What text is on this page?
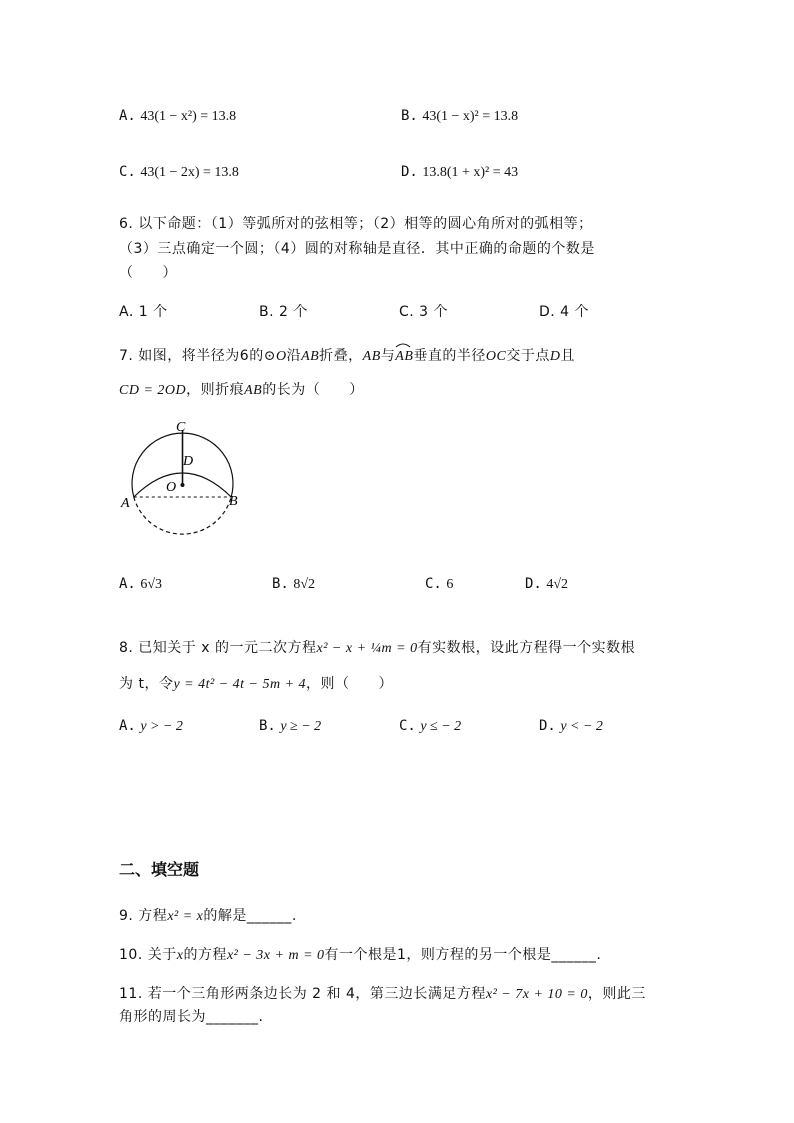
A. 43(1 − x²) = 13.8	B. 43(1 − x)² = 13.8
C. 43(1 − 2x) = 13.8	D. 13.8(1 + x)² = 43
6. 以下命题：（1）等弧所对的弦相等；（2）相等的圆心角所对的弧相等；
（3）三点确定一个圆；（4）圆的对称轴是直径．其中正确的命题的个数是
（　　）
A. 1 个	B. 2 个	C. 3 个	D. 4 个
7. 如图，将半径为6的⊙O沿AB折叠，AB与AB垂直的半径OC交于点D且
CD = 2OD，则折痕AB的长为（　　）
C
D
O
A	B
A. 6√3	B. 8√2	C. 6	D. 4√2
8. 已知关于 x 的一元二次方程x² − x + ¼m = 0有实数根，设此方程得一个实数根
为 t，令y = 4t² − 4t − 5m + 4，则（　　）
A. y > − 2	B. y ≥ − 2	C. y ≤ − 2	D. y < − 2
二、填空题
9. 方程x² = x的解是______.
10. 关于x的方程x² − 3x + m = 0有一个根是1，则方程的另一个根是______.
11. 若一个三角形两条边长为 2 和 4，第三边长满足方程x² − 7x + 10 = 0，则此三
角形的周长为_______.
